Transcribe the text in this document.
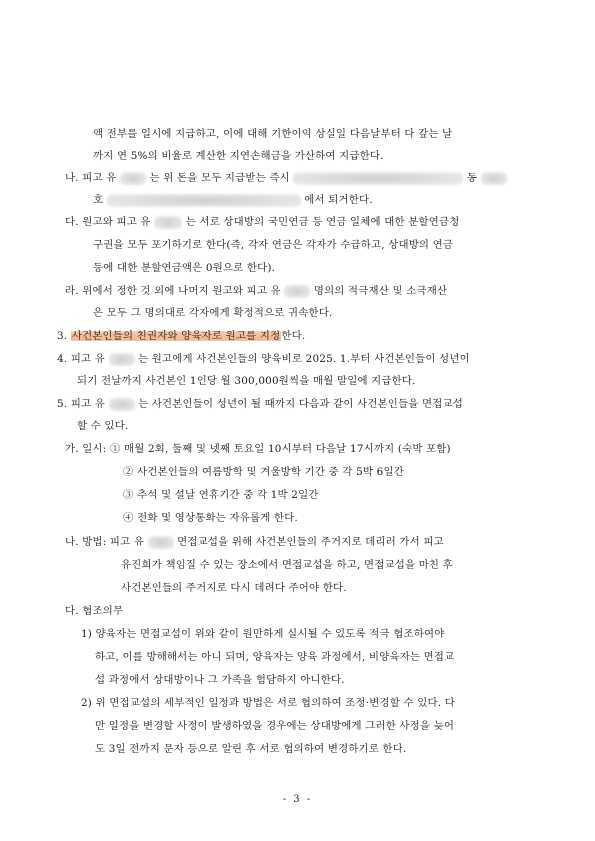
액 전부를 일시에 지급하고, 이에 대해 기한이익 상실일 다음날부터 다 갚는 날
까지 연 5%의 비율로 계산한 지연손해금을 가산하여 지급한다.
나. 피고 유	는 위 돈을 모두 지급받는 즉시	동
호	에서 퇴거한다.
다. 원고와 피고 유	는 서로 상대방의 국민연금 등 연금 일체에 대한 분할연금청
구권을 모두 포기하기로 한다(즉, 각자 연금은 각자가 수급하고, 상대방의 연금
등에 대한 분할연금액은 0원으로 한다).
라. 위에서 정한 것 외에 나머지 원고와 피고 유	명의의 적극재산 및 소극재산
은 모두 그 명의대로 각자에게 확정적으로 귀속한다.
3. 사건본인들의 친권자와 양육자로 원고를 지정한다.
4. 피고 유	는 원고에게 사건본인들의 양육비로 2025. 1.부터 사건본인들이 성년이
되기 전날까지 사건본인 1인당 월 300,000원씩을 매월 말일에 지급한다.
5. 피고 유	는 사건본인들이 성년이 될 때까지 다음과 같이 사건본인들을 면접교섭
할 수 있다.
가. 일시: ① 매월 2회, 둘째 및 넷째 토요일 10시부터 다음날 17시까지 (숙박 포함)
② 사건본인들의 여름방학 및 겨울방학 기간 중 각 5박 6일간
③ 추석 및 설날 연휴기간 중 각 1박 2일간
④ 전화 및 영상통화는 자유롭게 한다.
나. 방법: 피고 유	면접교섭을 위해 사건본인들의 주거지로 데리러 가서 피고
유진희가 책임질 수 있는 장소에서 면접교섭을 하고, 면접교섭을 마친 후
사건본인들의 주거지로 다시 데려다 주어야 한다.
다. 협조의무
1) 양육자는 면접교섭이 위와 같이 원만하게 실시될 수 있도록 적극 협조하여야
하고, 이를 방해해서는 아니 되며, 양육자는 양육 과정에서, 비양육자는 면접교
섭 과정에서 상대방이나 그 가족을 험담하지 아니한다.
2) 위 면접교섭의 세부적인 일정과 방법은 서로 협의하여 조정·변경할 수 있다. 다
만 일정을 변경할 사정이 발생하였을 경우에는 상대방에게 그러한 사정을 늦어
도 3일 전까지 문자 등으로 알린 후 서로 협의하여 변경하기로 한다.
- 3 -
